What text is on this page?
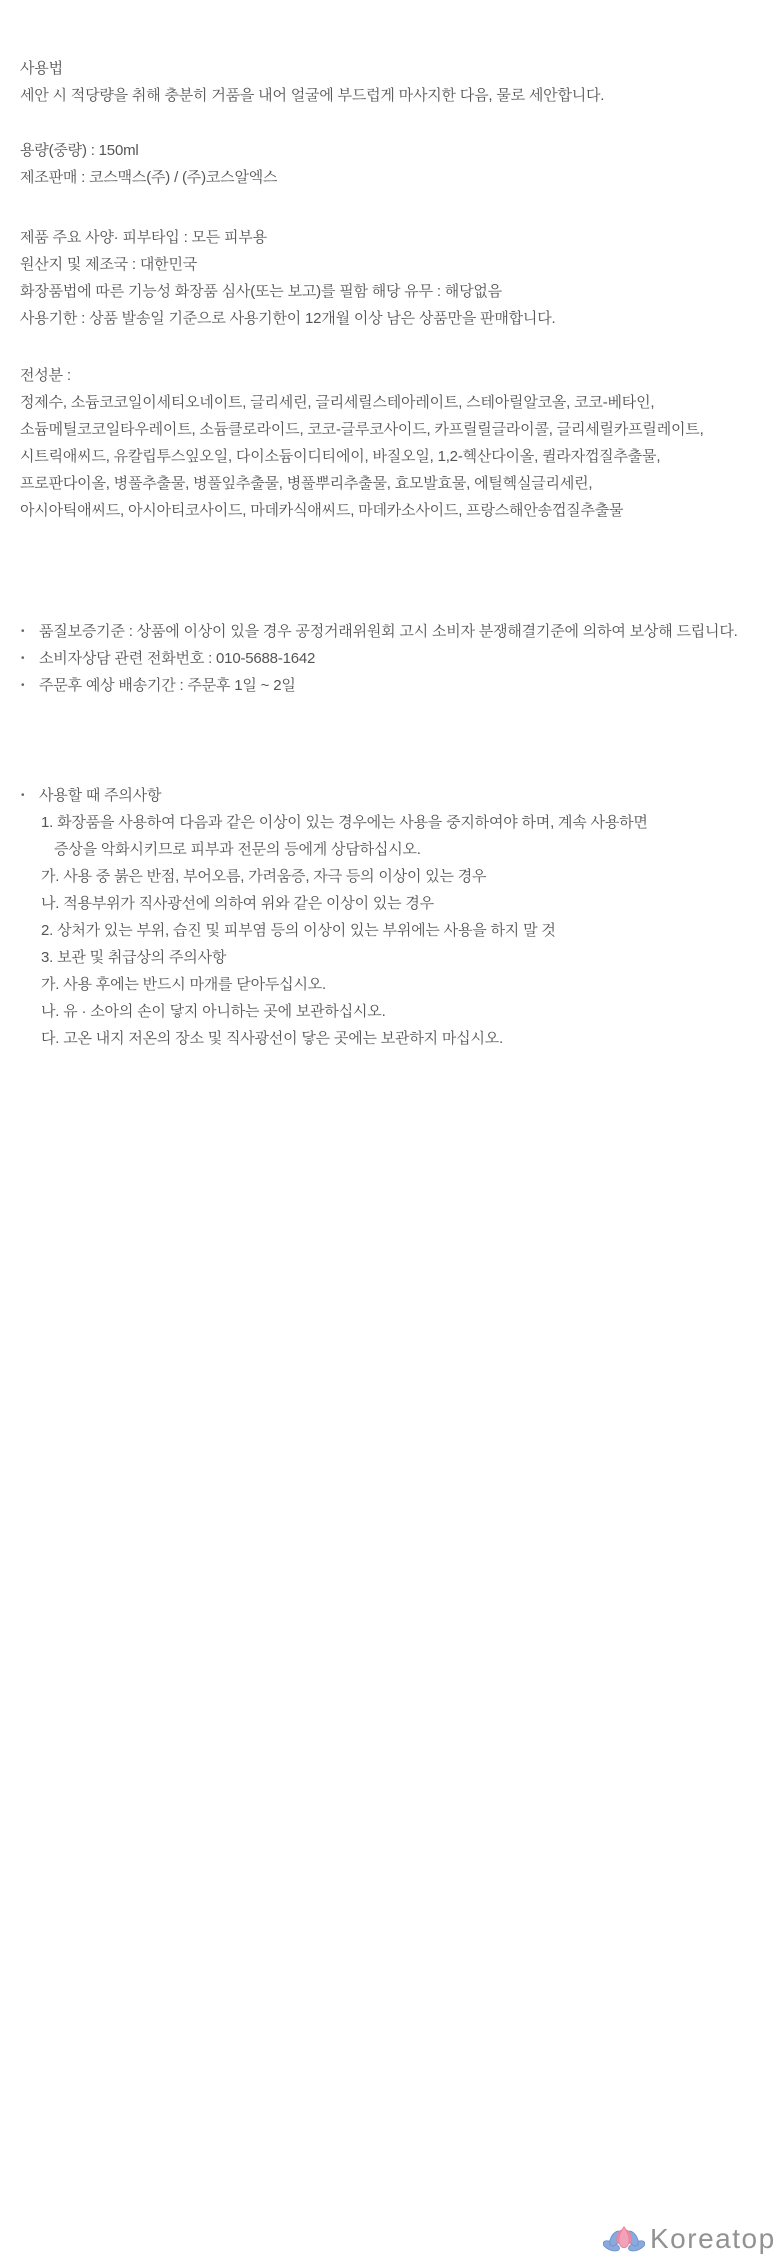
사용법
세안 시 적당량을 취해 충분히 거품을 내어 얼굴에 부드럽게 마사지한 다음, 물로 세안합니다.
용량(중량) : 150ml
제조판매 : 코스맥스(주) / (주)코스알엑스
제품 주요 사양· 피부타입 : 모든 피부용
원산지 및 제조국 : 대한민국
화장품법에 따른 기능성 화장품 심사(또는 보고)를 필함 해당 유무 : 해당없음
사용기한 : 상품 발송일 기준으로 사용기한이 12개월 이상 남은 상품만을 판매합니다.
전성분 :
정제수, 소듐코코일이세티오네이트, 글리세린, 글리세릴스테아레이트, 스테아릴알코올, 코코-베타인,
소듐메틸코코일타우레이트, 소듐클로라이드, 코코-글루코사이드, 카프릴릴글라이콜, 글리세릴카프릴레이트,
시트릭애씨드, 유칼립투스잎오일, 다이소듐이디티에이, 바질오일, 1,2-헥산다이올, 퀼라자껍질추출물,
프로판다이올, 병풀추출물, 병풀잎추출물, 병풀뿌리추출물, 효모발효물, 에틸헥실글리세린,
아시아틱애씨드, 아시아티코사이드, 마데카식애씨드, 마데카소사이드, 프랑스해안송껍질추출물
• 품질보증기준 : 상품에 이상이 있을 경우 공정거래위원회 고시 소비자 분쟁해결기준에 의하여 보상해 드립니다.
• 소비자상담 관련 전화번호 : 010-5688-1642
• 주문후 예상 배송기간 : 주문후 1일 ~ 2일
• 사용할 때 주의사항
1. 화장품을 사용하여 다음과 같은 이상이 있는 경우에는 사용을 중지하여야 하며, 계속 사용하면
증상을 악화시키므로 피부과 전문의 등에게 상담하십시오.
가. 사용 중 붉은 반점, 부어오름, 가려움증, 자극 등의 이상이 있는 경우
나. 적용부위가 직사광선에 의하여 위와 같은 이상이 있는 경우
2. 상처가 있는 부위, 습진 및 피부염 등의 이상이 있는 부위에는 사용을 하지 말 것
3. 보관 및 취급상의 주의사항
가. 사용 후에는 반드시 마개를 닫아두십시오.
나. 유 · 소아의 손이 닿지 아니하는 곳에 보관하십시오.
다. 고온 내지 저온의 장소 및 직사광선이 닿은 곳에는 보관하지 마십시오.
Koreatop
